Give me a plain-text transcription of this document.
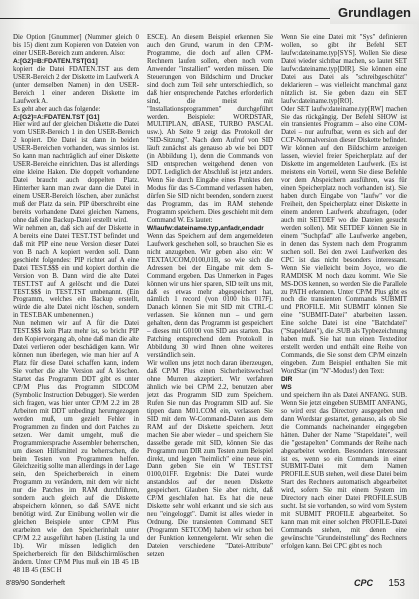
Grundlagen

Die Option [Gnummer] (Nummer gleich 0 bis 15) dient zum Kopieren von Dateien von einer USER-Bereich zum anderen. Also:

A:[G2]=B:FDATEN.TST[G1]

kopiert die Datei FDATEN.TST aus dem USER-Bereich 2 der Diskette im Laufwerk A (unter demselben Namen) in den USER-Bereich 1 einer anderen Diskette im Laufwerk A.

Es geht aber auch das folgende:

A:[G2]=A:FDATEN.TST [G1]

Hier wird auf der gleichen Diskette die Datei vom USER-Bereich 1 in den USER-Bereich 2 kopiert. Die Datei ist dann in beiden USER-Bereichen vorhanden, was sinnlos ist. So kann man nachträglich auf einer Diskette USER-Bereiche einrichten. Das ist allerdings eine kleine Haken. Die doppelt vorhandene Datei braucht auch doppelten Platz. Hinterher kann man zwar dann die Datei in einem USER-Bereich löschen, aber zunächst muß der Platz da sein. PIP überschreibt eine bereits vorhandene Datei gleichen Namens, ohne daß eine Backup-Datei erstellt wird.

Wir nehmen an, daß sich auf der Diskette in A bereits eine Datei TEST.TST befindet und daß mit PIP eine neue Version dieser Datei von B nach A kopiert werden soll. Dann geschieht folgendes: PIP richtet auf A eine Datei TEST.$$$ ein und kopiert dorthin die Version von B. Dann wird die alte Datei TEST.TST auf A gelöscht und die Datei TEST.$$$ in TEST.TST umbenannt. (Ein Programm, welches ein Backup erstellt, würde die alte Datei nicht löschen, sondern in TEST.BAK umbenennen.)

Nun nehmen wir auf A für die Datei TEST.$$$ kein Platz mehr ist, so bricht PIP den Kopiervorgang ab, ohne daß man die alte Datei verlieren oder beschädigen kann. Wir können nun überlegen, wie man hier auf A Platz für diese Datei schaffen kann, indem Sie vorher die alte Version auf A löschen. Startet das Programm DDT gibt es unter CP/M Plus das Programm SIDCOM (Symbolic Instruction Debugger). Sie werden sich fragen, was hier unter CP/M 2.2 im 28 Arbeiten mit DDT unbedingt herumgezogen werden muß, um gezielt Fehler in Programmen zu finden und dort Patches zu setzen. Wer damit umgeht, muß die Programmiersprache Assembler beherrschen, um diesen Hilfsmittel zu beherrschen, die beim Testen von Programmen helfen. Gleichzeitig sollte man allerdings in der Lage sein, den Speicherbereich in einem Programm zu verändern, mit dem wir nicht nur die Patches im RAM durchführen, sondern auch gleich auf die Diskette abspeichern können, so daß SAVE nicht benötigt wird. Zur Einübung wollen wir die gleichen Beispiele unter CP/M Plus erarbeiten wie den Speicherinhalt unter CP/M 2.2 ausgeführt haben (Listing 1a und 1b). Wir müssen lediglich den Speicherbereich für den Bildschirmlöschen ändern. Unter CP/M Plus muß ein 1B 45 1B 48 1B 45 (ESC H

ESCE). An diesem Beispiel erkennen Sie auch den Grund, warum in den CP/M-Programme, die doch auf allen CPM-Rechnern laufen sollen, eben noch vom Anwender "installiert" werden müssen. Die Steuerungen von Bildschirm und Drucker sind doch zum Teil sehr unterschiedlich, so daß hier entsprechende Patches erforderlich sind, die meist mit "Installationsprogrammen" durchgeführt werden. Beispiele: WORDSTAR, MULTIPLAN, dBASE, TURBO PASCAL usw.). Ab Seite 9 zeigt das Protokoll der "SID-Sitzung". Nach dem Aufruf von SID läuft zunächst als genauso ab wie bei DDT (in Abbildung 1), denn die Commands von SID entsprechen weitgehend denen von DDT. Lediglich der Abschluß ist jetzt anders. Wenn Sie durch Eingabe eines Punktes den Modus für das S-Command verlassen haben, dürfen Sie SID nicht beenden, sondern zuerst das Programm, das im RAM stehende Programm speichern. Dies geschieht mit dem Command W. Es lautet:

W/laufw:dateiname.typ,anfadr,endadr

Wenn das Speichern auf dem angemeldeten Laufwerk geschehen soll, so brauchen Sie es nicht anzugeben. Wir geben also ein: W TEXTAUCOM,0100,01B, so wie sich die Adressen bei der Eingabe mit dem S-Command ergeben. Das Unmerken in Pages können wir uns hier sparen, SID teilt uns mit, daß es etwas mehr abgespeichert hat, nämlich 1 record (von 0100 bis 017F). Danach können Sie mit SID mit CTRL-C verlassen. Sie können nun – und gern gehalten, denn das Programm ist gespeichert – dieses mit G0100 von SID aus starten. Das Patching entsprechend dem Protokoll in Abbildung 30 wird Ihnen ohne weiteres verständlich sein.

Wir wollen uns jetzt noch daran überzeugen, daß CP/M Plus einen Sicherheitswechsel ohne Murren akzeptiert. Wir verfahren ähnlich wie bei CP/M 2.2, benutzen aber jetzt das Programm SID zum Speichern. Rufen Sie nun das Programm SID auf. Sie tippen dann M01.COM ein, verlassen Sie SID mit dem W-Command-Daten aus dem RAM auf der Diskette speichern. Jetzt machen Sie aber wieder – und speichern Sie dasselbe gerade mit SID, können Sie das Programm nun DIR zum Testen zum Beispiel direkt, und legen "heimlich" eine neue ein. Dann geben Sie ein W TEST.TST 0100,01FF. Ergebnis: Die Datei wurde anstandslos auf der neuen Diskette gespeichert. Glauben Sie aber nicht, daß CP/M geschlafen hat. Es hat die neue Diskette sehr wohl erkannt und sie sich aus neu "eingeloggt". Damit ist alles wieder in Ordnung. Die transienten Command SET (Programm SETCOM) haben wir schon bei der Funktion kennengelernt. Wir sehen die Dateien verschiedene "Datei-Attribute" setzen

Wenn Sie eine Datei mit "Sys" definieren wollen, so gibt ihr Befehl SET laufw:dateiname.typ[SYS]. Wollen Sie diese Datei wieder sichtbar machen, so lautet SET laufw:dateiname.typ[DIR]. Sie können eine Datei aus Datei als "schreibgeschützt" deklarieren – was vielleicht manchmal ganz nützlich ist. Sie geben dazu ein SET laufw:dateiname.typ[RO].

Oder SET laufw:dateiname.typ[RW] machen Sie das rückgängig. Der Befehl SHOW ist ein transientes Programm – also eine COM-Datei – nur aufrufbar, wenn es sich auf der CCP-Normalversion dieser Diskette befindet. Wir können auf den Bildschirm anzeigen lassen, wieviel freier Speicherplatz auf der Diskette im angemeldeten Laufwerk. (Es ist meistens ein Vorteil, wenn Sie diese Befehle vor dem Abspeichern ausführen, was für einen Speicherplatz noch vorhanden ist). Sie haben durch Eingabe von "laufw" vor die Freiheit, den Speicherplatz einer Diskette in einem anderen Laufwerk abzufragen, (oder auch mit SETDEF wo die Dateien gesucht werden sollen). Mit SETDEF können Sie in einem "Suchpfad" alle Laufwerke angeben, in denen das System nach dem Programm suchen soll. Bei den zwei Laufwerken des CPC ist das nicht besonders interessant. Wenn Sie vielleicht beim Joyce, wo die RAMDISK M noch dazu kommt. Wie Sie MS-DOS kennen, so werden Sie die Parallele zu PATH erkennen. Unter CP/M Plus gibt es noch die transienten Commands SUBMIT und PROFILE. Mit SUBMIT können Sie eine "SUBMIT-Datei" abarbeiten lassen. Eine solche Datei ist eine "Batchdatei" ("Stapeldatei"), die .SUB als Typbezeichnung haben muß. Sie hat nun einen Texteditor erstellt werden und enthält eine Reihe von Commands, die Sie sonst dem CP/M einzeln eingeben. Zum Beispiel enthalten Sie mit WordStar (im "N"-Modus!) den Text:

DIR

WS

und speichern ihn als Datei ANFANG. SUB. Wenn Sie jetzt eingeben SUBMIT ANFANG, so wird erst das Directory ausgegeben und dann Wordstar gestartet, genauso, als ob Sie die Commands nacheinander eingegeben hätten. Daher der Name "Stapeldatei", weil die "gestapelten" Commands der Reihe nach abgearbeitet werden. Besonders interessant ist es, wenn so ein Commands in einer SUBMIT-Datei mit dem Namen PROFILE.SUB stehen, weil diese Datei beim Start des Rechners automatisch abgearbeitet wird, sofern Sie mit einem System im Directory nach einer Datei PROFILE.SUB sucht. Ist sie vorhanden, so wird vom System mit SUBMIT PROFILE abgearbeitet. So kann man mit einer solchen PROFILE-Datei Commands stehen, mit denen eine gewünschte "Grundeinstellung" des Rechners erfolgen kann. Bei CPC gibt es noch

8'89/90 Sonderheft	CPC 153
